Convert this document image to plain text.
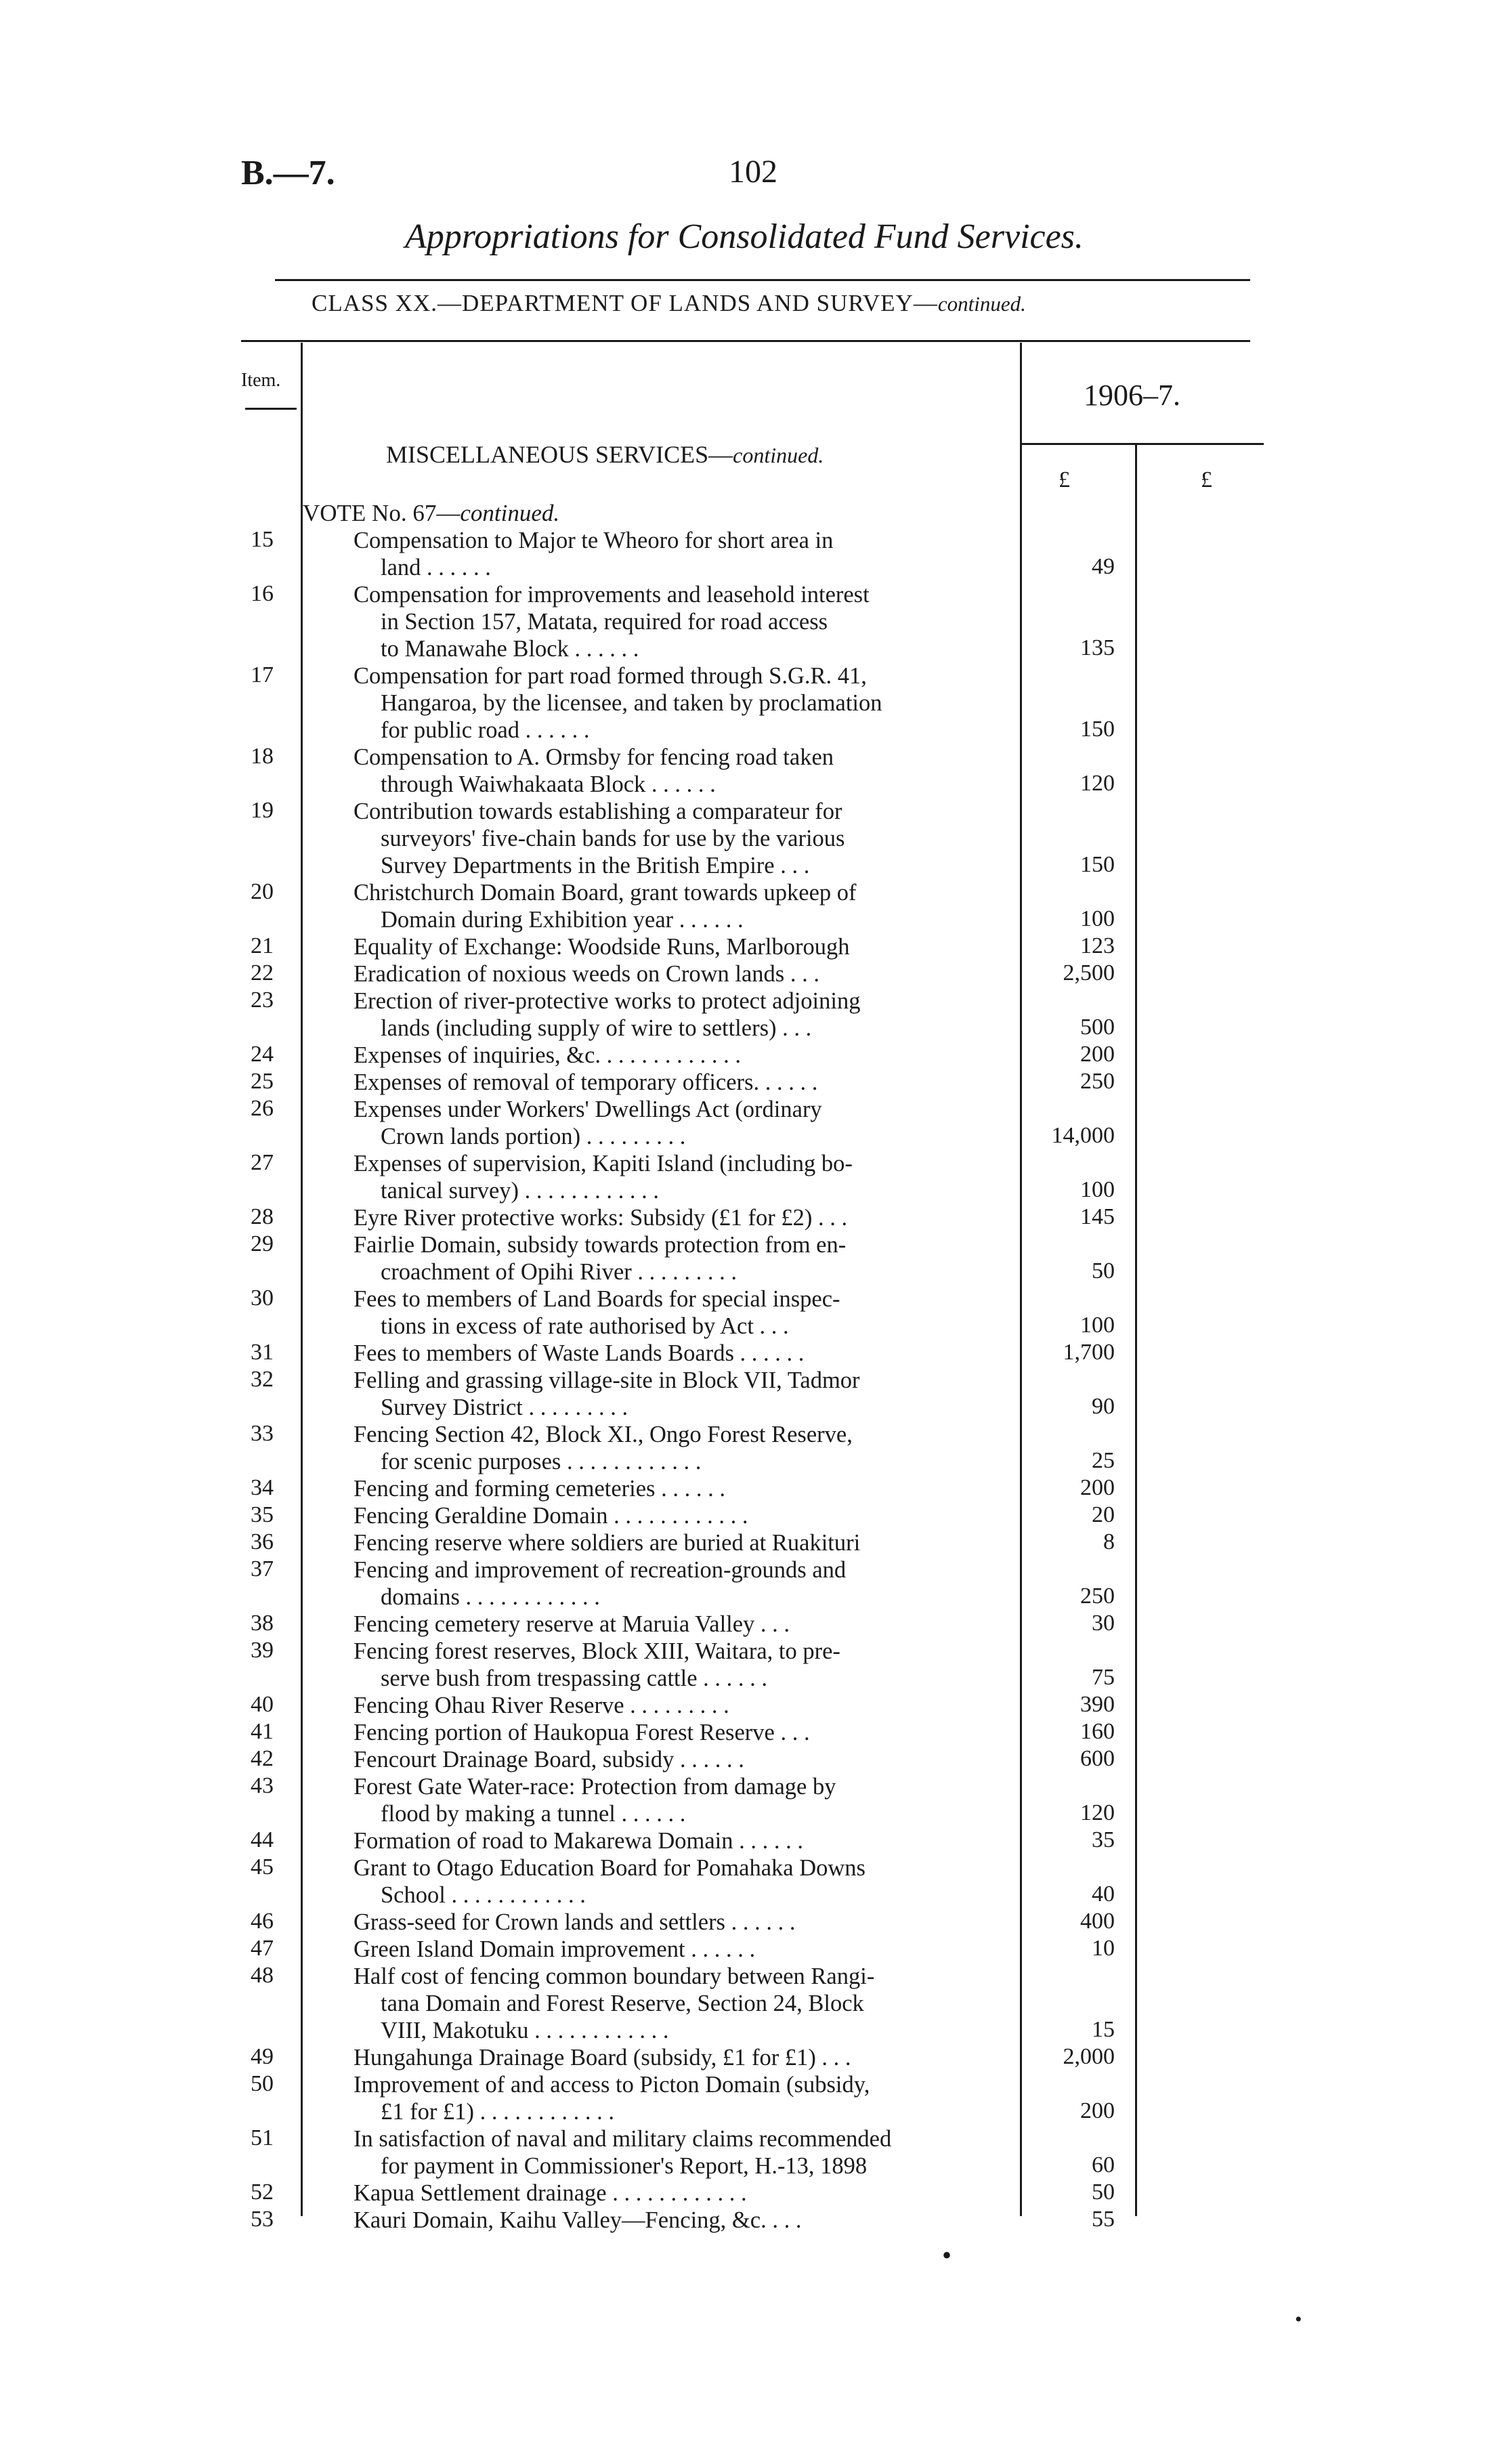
B.—7.	102
Appropriations for Consolidated Fund Services.
CLASS XX.—DEPARTMENT OF LANDS AND SURVEY—continued.
Item.	1906–7.
MISCELLANEOUS SERVICES—continued.
£	£
VOTE No. 67—continued.
15	Compensation to Major te Wheoro for short area in
land . . . . . .	49
16	Compensation for improvements and leasehold interest
in Section 157, Matata, required for road access
to Manawahe Block . . . . . .	135
17	Compensation for part road formed through S.G.R. 41,
Hangaroa, by the licensee, and taken by proclamation
for public road . . . . . .	150
18	Compensation to A. Ormsby for fencing road taken
through Waiwhakaata Block . . . . . .	120
19	Contribution towards establishing a comparateur for
surveyors' five-chain bands for use by the various
Survey Departments in the British Empire . . .	150
20	Christchurch Domain Board, grant towards upkeep of
Domain during Exhibition year . . . . . .	100
21	Equality of Exchange: Woodside Runs, Marlborough	123
22	Eradication of noxious weeds on Crown lands . . .	2,500
23	Erection of river-protective works to protect adjoining
lands (including supply of wire to settlers) . . .	500
24	Expenses of inquiries, &c. . . . . . . . . . . . .	200
25	Expenses of removal of temporary officers. . . . . .	250
26	Expenses under Workers' Dwellings Act (ordinary
Crown lands portion) . . . . . . . . .	14,000
27	Expenses of supervision, Kapiti Island (including bo-
tanical survey) . . . . . . . . . . . .	100
28	Eyre River protective works: Subsidy (£1 for £2) . . .	145
29	Fairlie Domain, subsidy towards protection from en-
croachment of Opihi River . . . . . . . . .	50
30	Fees to members of Land Boards for special inspec-
tions in excess of rate authorised by Act . . .	100
31	Fees to members of Waste Lands Boards . . . . . .	1,700
32	Felling and grassing village-site in Block VII, Tadmor
Survey District . . . . . . . . .	90
33	Fencing Section 42, Block XI., Ongo Forest Reserve,
for scenic purposes . . . . . . . . . . . .	25
34	Fencing and forming cemeteries . . . . . .	200
35	Fencing Geraldine Domain . . . . . . . . . . . .	20
36	Fencing reserve where soldiers are buried at Ruakituri	8
37	Fencing and improvement of recreation-grounds and
domains . . . . . . . . . . . .	250
38	Fencing cemetery reserve at Maruia Valley . . .	30
39	Fencing forest reserves, Block XIII, Waitara, to pre-
serve bush from trespassing cattle . . . . . .	75
40	Fencing Ohau River Reserve . . . . . . . . .	390
41	Fencing portion of Haukopua Forest Reserve . . .	160
42	Fencourt Drainage Board, subsidy . . . . . .	600
43	Forest Gate Water-race: Protection from damage by
flood by making a tunnel . . . . . .	120
44	Formation of road to Makarewa Domain . . . . . .	35
45	Grant to Otago Education Board for Pomahaka Downs
School . . . . . . . . . . . .	40
46	Grass-seed for Crown lands and settlers . . . . . .	400
47	Green Island Domain improvement . . . . . .	10
48	Half cost of fencing common boundary between Rangi-
tana Domain and Forest Reserve, Section 24, Block
VIII, Makotuku . . . . . . . . . . . .	15
49	Hungahunga Drainage Board (subsidy, £1 for £1) . . .	2,000
50	Improvement of and access to Picton Domain (subsidy,
£1 for £1) . . . . . . . . . . . .	200
51	In satisfaction of naval and military claims recommended
for payment in Commissioner's Report, H.-13, 1898	60
52	Kapua Settlement drainage . . . . . . . . . . . .	50
53	Kauri Domain, Kaihu Valley—Fencing, &c. . . .	55
•
•
